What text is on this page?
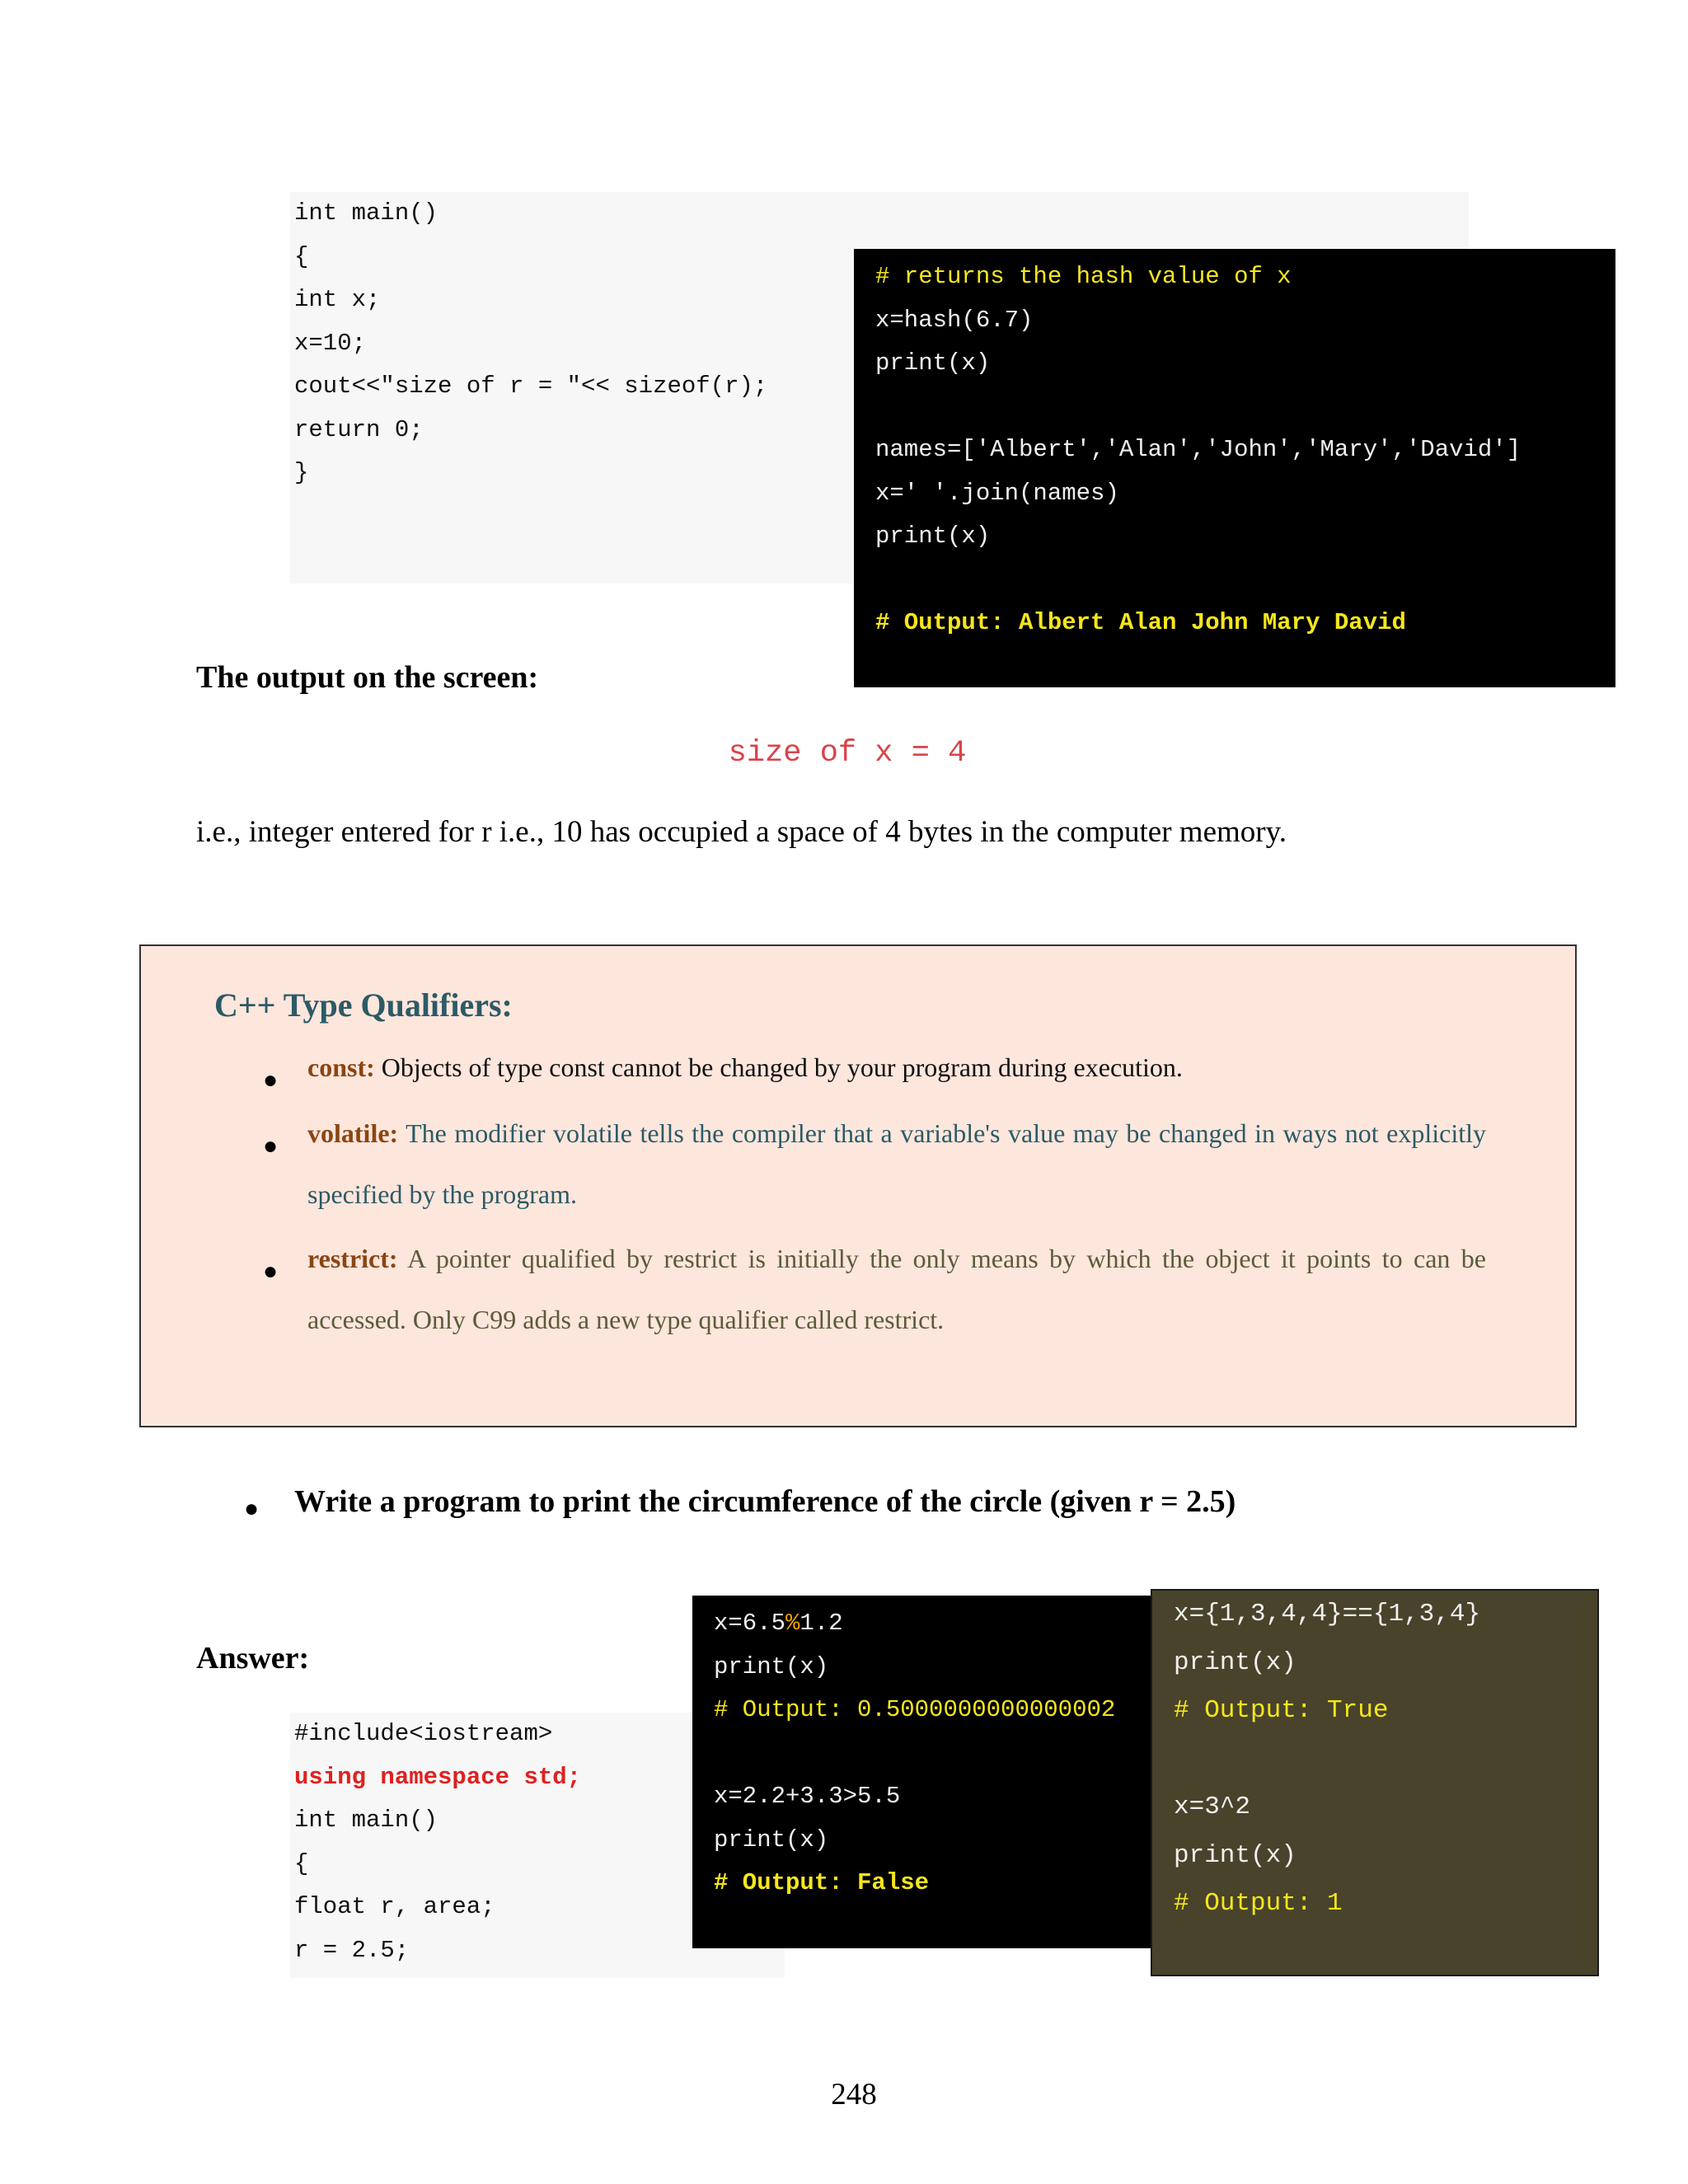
int main()
{
int x;
x=10;
cout<<"size of r = "<< sizeof(r);
return 0;
}
# returns the hash value of x
x=hash(6.7)
print(x)
names=['Albert','Alan','John','Mary','David']
x=' '.join(names)
print(x)
# Output: Albert Alan John Mary David
The output on the screen:
size of x = 4
i.e., integer entered for r i.e., 10 has occupied a space of 4 bytes in the computer memory.
C++ Type Qualifiers:
● const: Objects of type const cannot be changed by your program during execution.
● volatile: The modifier volatile tells the compiler that a variable's value may be changed in ways not explicitly specified by the program.
● restrict: A pointer qualified by restrict is initially the only means by which the object it points to can be accessed. Only C99 adds a new type qualifier called restrict.
● Write a program to print the circumference of the circle (given r = 2.5)
Answer:
#include<iostream>
using namespace std;
int main()
{
float r, area;
r = 2.5;
x=6.5%1.2
print(x)
# Output: 0.5000000000000002
x=2.2+3.3>5.5
print(x)
# Output: False
x={1,3,4,4}=={1,3,4}
print(x)
# Output: True
x=3^2
print(x)
# Output: 1
248
